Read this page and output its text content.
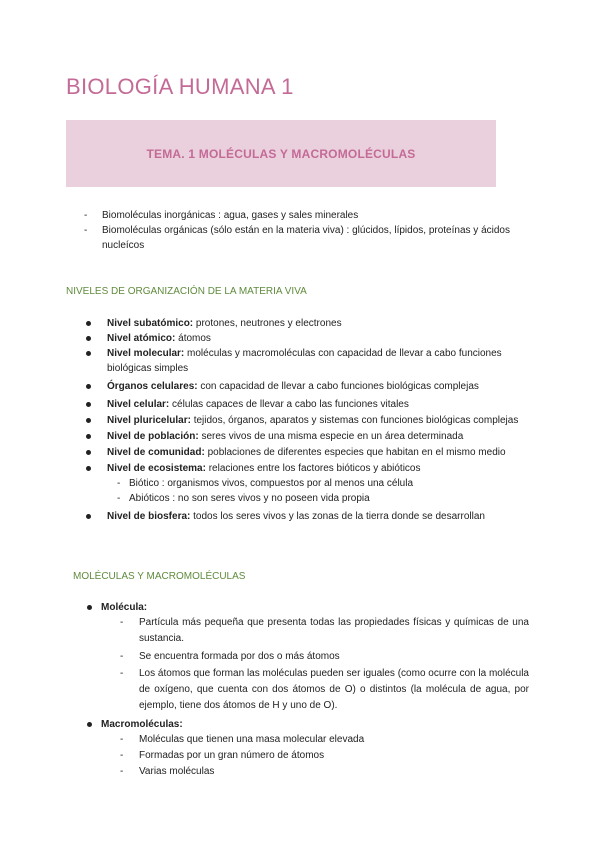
BIOLOGÍA HUMANA 1
TEMA. 1 MOLÉCULAS Y MACROMOLÉCULAS
- Biomoléculas inorgánicas : agua, gases y sales minerales
- Biomoléculas orgánicas (sólo están en la materia viva) : glúcidos, lípidos, proteínas y ácidos nucleícos
NIVELES DE ORGANIZACIÓN DE LA MATERIA VIVA
Nivel subatómico: protones, neutrones y electrones
Nivel atómico: átomos
Nivel molecular: moléculas y macromoléculas con capacidad de llevar a cabo funciones biológicas simples
Órganos celulares: con capacidad de llevar a cabo funciones biológicas complejas
Nivel celular: células capaces de llevar a cabo las funciones vitales
Nivel pluricelular: tejidos, órganos, aparatos y sistemas con funciones biológicas complejas
Nivel de población: seres vivos de una misma especie en un área determinada
Nivel de comunidad: poblaciones de diferentes especies que habitan en el mismo medio
Nivel de ecosistema: relaciones entre los factores bióticos y abióticos
- Biótico : organismos vivos, compuestos por al menos una célula
- Abióticos : no son seres vivos y no poseen vida propia
Nivel de biosfera: todos los seres vivos y las zonas de la tierra donde se desarrollan
MOLÉCULAS Y MACROMOLÉCULAS
Molécula:
- Partícula más pequeña que presenta todas las propiedades físicas y químicas de una sustancia.
- Se encuentra formada por dos o más átomos
- Los átomos que forman las moléculas pueden ser iguales (como ocurre con la molécula de oxígeno, que cuenta con dos átomos de O) o distintos (la molécula de agua, por ejemplo, tiene dos átomos de H y uno de O).
Macromoléculas:
- Moléculas que tienen una masa molecular elevada
- Formadas por un gran número de átomos
- Varias moléculas
